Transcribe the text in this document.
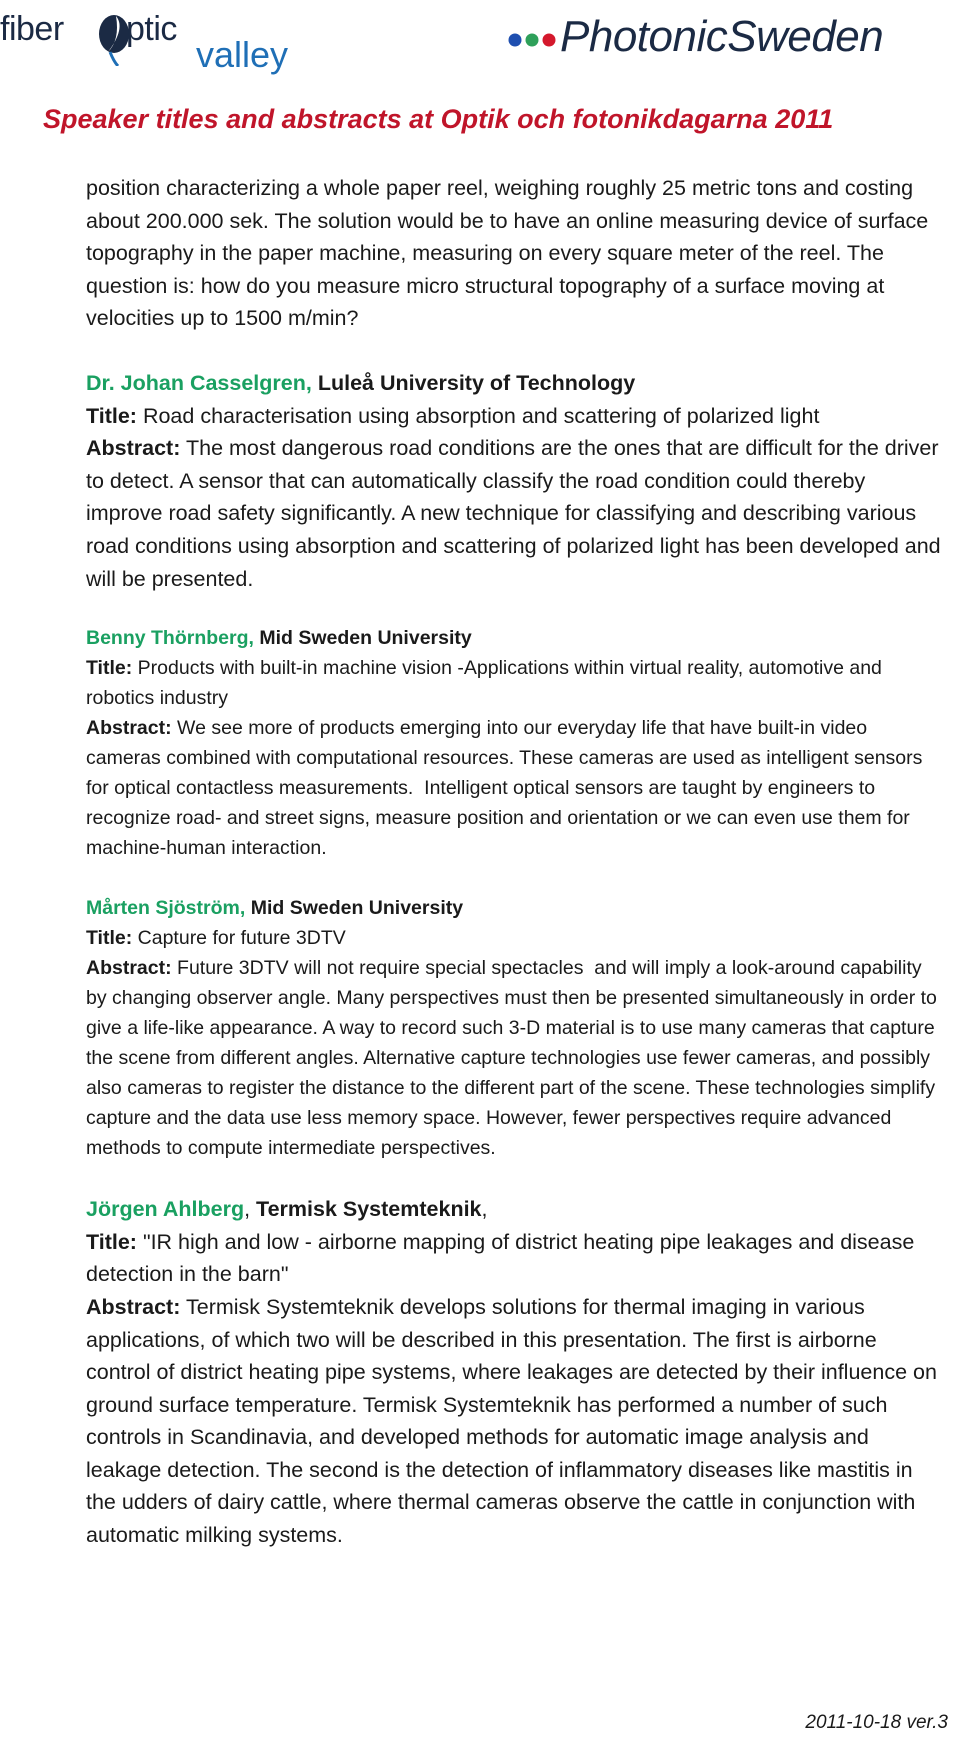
fiber ptic
valley	PhotonicSweden
Speaker titles and abstracts at Optik och fotonikdagarna 2011

position characterizing a whole paper reel, weighing roughly 25 metric tons and costing about 200.000 sek. The solution would be to have an online measuring device of surface topography in the paper machine, measuring on every square meter of the reel. The question is: how do you measure micro structural topography of a surface moving at velocities up to 1500 m/min?

Dr. Johan Casselgren, Luleå University of Technology

Title: Road characterisation using absorption and scattering of polarized light

Abstract: The most dangerous road conditions are the ones that are difficult for the driver to detect. A sensor that can automatically classify the road condition could thereby improve road safety significantly. A new technique for classifying and describing various road conditions using absorption and scattering of polarized light has been developed and will be presented.

Benny Thörnberg, Mid Sweden University

Title: Products with built-in machine vision -Applications within virtual reality, automotive and robotics industry

Abstract: We see more of products emerging into our everyday life that have built-in video cameras combined with computational resources. These cameras are used as intelligent sensors for optical contactless measurements.  Intelligent optical sensors are taught by engineers to recognize road- and street signs, measure position and orientation or we can even use them for machine-human interaction.

Mårten Sjöström, Mid Sweden University

Title: Capture for future 3DTV

Abstract: Future 3DTV will not require special spectacles  and will imply a look-around capability by changing observer angle. Many perspectives must then be presented simultaneously in order to give a life-like appearance. A way to record such 3-D material is to use many cameras that capture the scene from different angles. Alternative capture technologies use fewer cameras, and possibly also cameras to register the distance to the different part of the scene. These technologies simplify capture and the data use less memory space. However, fewer perspectives require advanced methods to compute intermediate perspectives.

Jörgen Ahlberg, Termisk Systemteknik,

Title: "IR high and low - airborne mapping of district heating pipe leakages and disease detection in the barn"

Abstract: Termisk Systemteknik develops solutions for thermal imaging in various applications, of which two will be described in this presentation. The first is airborne control of district heating pipe systems, where leakages are detected by their influence on ground surface temperature. Termisk Systemteknik has performed a number of such controls in Scandinavia, and developed methods for automatic image analysis and leakage detection. The second is the detection of inflammatory diseases like mastitis in the udders of dairy cattle, where thermal cameras observe the cattle in conjunction with automatic milking systems.

2011-10-18 ver.3
